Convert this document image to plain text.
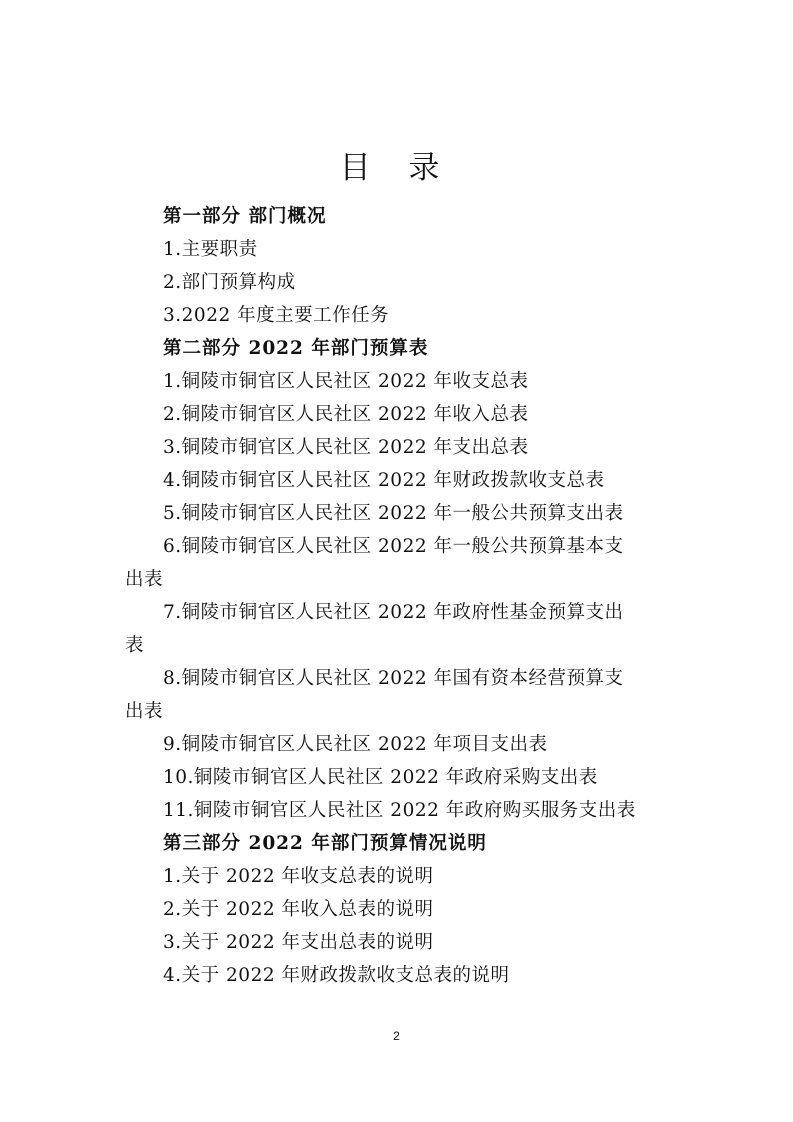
目 录
第一部分 部门概况
1.主要职责
2.部门预算构成
3.2022 年度主要工作任务
第二部分 2022 年部门预算表
1.铜陵市铜官区人民社区 2022 年收支总表
2.铜陵市铜官区人民社区 2022 年收入总表
3.铜陵市铜官区人民社区 2022 年支出总表
4.铜陵市铜官区人民社区 2022 年财政拨款收支总表
5.铜陵市铜官区人民社区 2022 年一般公共预算支出表
6.铜陵市铜官区人民社区 2022 年一般公共预算基本支
出表
7.铜陵市铜官区人民社区 2022 年政府性基金预算支出
表
8.铜陵市铜官区人民社区 2022 年国有资本经营预算支
出表
9.铜陵市铜官区人民社区 2022 年项目支出表
10.铜陵市铜官区人民社区 2022 年政府采购支出表
11.铜陵市铜官区人民社区 2022 年政府购买服务支出表
第三部分 2022 年部门预算情况说明
1.关于 2022 年收支总表的说明
2.关于 2022 年收入总表的说明
3.关于 2022 年支出总表的说明
4.关于 2022 年财政拨款收支总表的说明
2
